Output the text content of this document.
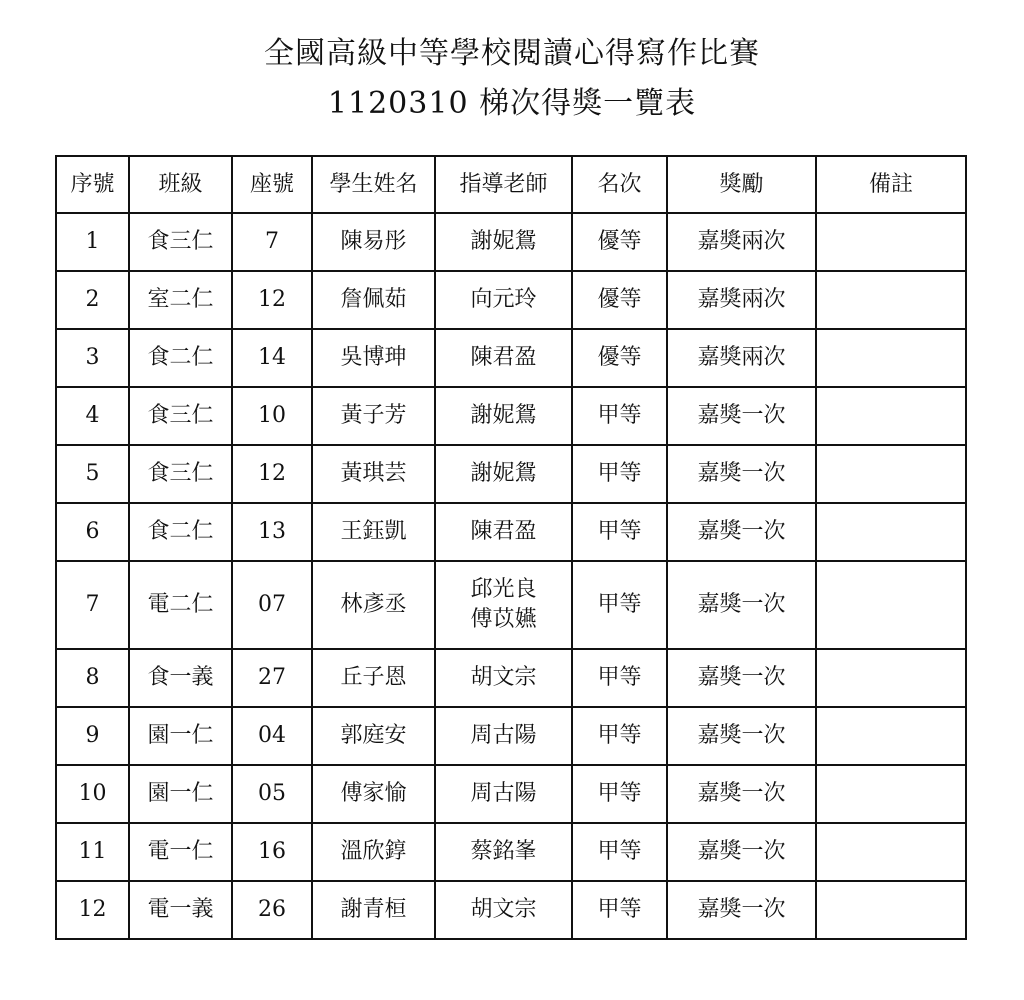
全國高級中等學校閱讀心得寫作比賽
1120310 梯次得獎一覽表
序號	班級	座號	學生姓名	指導老師	名次	獎勵	備註
1	食三仁	7	陳易彤	謝妮鴛	優等	嘉獎兩次	
2	室二仁	12	詹佩茹	向元玲	優等	嘉獎兩次	
3	食二仁	14	吳博珅	陳君盈	優等	嘉獎兩次	
4	食三仁	10	黃子芳	謝妮鴛	甲等	嘉獎一次	
5	食三仁	12	黃琪芸	謝妮鴛	甲等	嘉獎一次	
6	食二仁	13	王鈺凱	陳君盈	甲等	嘉獎一次	
7	電二仁	07	林彥丞	邱光良
傅苡嬿	甲等	嘉獎一次	
8	食一義	27	丘子恩	胡文宗	甲等	嘉獎一次	
9	園一仁	04	郭庭安	周古陽	甲等	嘉獎一次	
10	園一仁	05	傅家愉	周古陽	甲等	嘉獎一次	
11	電一仁	16	溫欣錞	蔡銘峯	甲等	嘉獎一次	
12	電一義	26	謝青桓	胡文宗	甲等	嘉獎一次	
